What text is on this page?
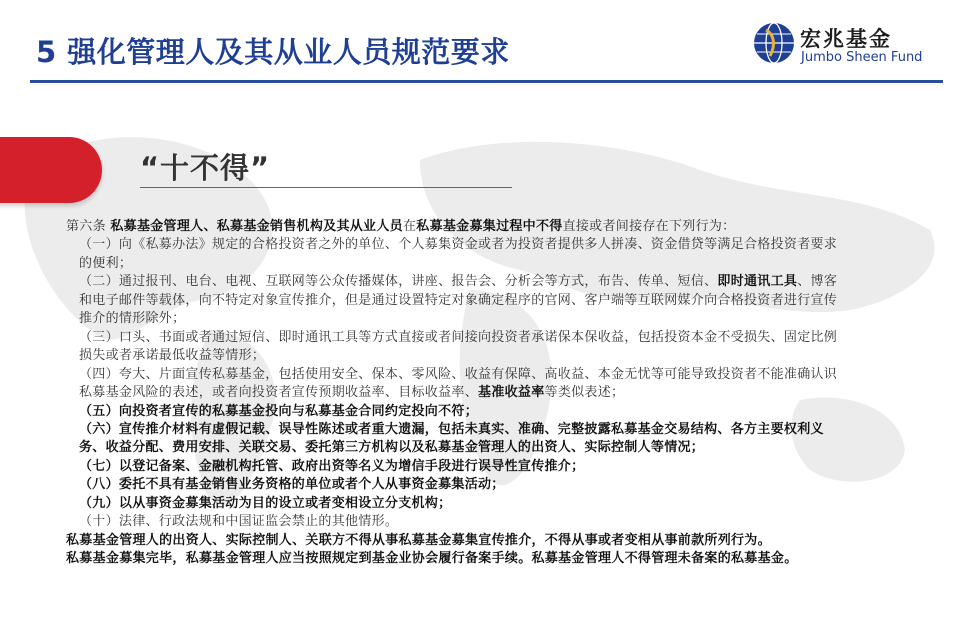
5 强化管理人及其从业人员规范要求	宏兆基金
Jumbo Sheen Fund
“十不得”

第六条 私募基金管理人、私募基金销售机构及其从业人员在私募基金募集过程中不得直接或者间接存在下列行为：

（一）向《私募办法》规定的合格投资者之外的单位、个人募集资金或者为投资者提供多人拼凑、资金借贷等满足合格投资者要求的便利；

（二）通过报刊、电台、电视、互联网等公众传播媒体，讲座、报告会、分析会等方式，布告、传单、短信、即时通讯工具、博客和电子邮件等载体，向不特定对象宣传推介，但是通过设置特定对象确定程序的官网、客户端等互联网媒介向合格投资者进行宣传推介的情形除外；

（三）口头、书面或者通过短信、即时通讯工具等方式直接或者间接向投资者承诺保本保收益，包括投资本金不受损失、固定比例损失或者承诺最低收益等情形；

（四）夸大、片面宣传私募基金，包括使用安全、保本、零风险、收益有保障、高收益、本金无忧等可能导致投资者不能准确认识私募基金风险的表述，或者向投资者宣传预期收益率、目标收益率、基准收益率等类似表述；

（五）向投资者宣传的私募基金投向与私募基金合同约定投向不符；

（六）宣传推介材料有虚假记载、误导性陈述或者重大遗漏，包括未真实、准确、完整披露私募基金交易结构、各方主要权利义务、收益分配、费用安排、关联交易、委托第三方机构以及私募基金管理人的出资人、实际控制人等情况；

（七）以登记备案、金融机构托管、政府出资等名义为增信手段进行误导性宣传推介；

（八）委托不具有基金销售业务资格的单位或者个人从事资金募集活动；

（九）以从事资金募集活动为目的设立或者变相设立分支机构；

（十）法律、行政法规和中国证监会禁止的其他情形。

私募基金管理人的出资人、实际控制人、关联方不得从事私募基金募集宣传推介，不得从事或者变相从事前款所列行为。

私募基金募集完毕，私募基金管理人应当按照规定到基金业协会履行备案手续。私募基金管理人不得管理未备案的私募基金。
